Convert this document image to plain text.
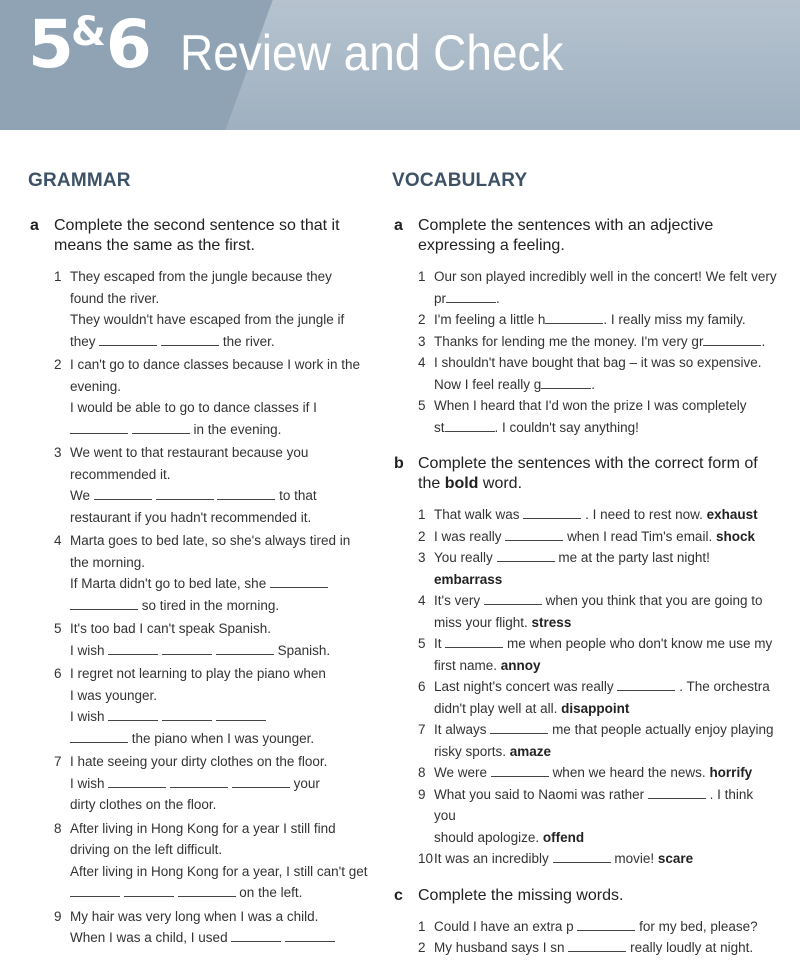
5&6 Review and Check
GRAMMAR
a Complete the second sentence so that it means the same as the first.
1 They escaped from the jungle because they
found the river.
They wouldn't have escaped from the jungle if
they	the river.
2 I can't go to dance classes because I work in the
evening.
I would be able to go to dance classes if I
in the evening.
3 We went to that restaurant because you
recommended it.
We	to that
restaurant if you hadn't recommended it.
4 Marta goes to bed late, so she's always tired in
the morning.
If Marta didn't go to bed late, she
so tired in the morning.
5 It's too bad I can't speak Spanish.
I wish	Spanish.
6 I regret not learning to play the piano when
I was younger.
I wish
the piano when I was younger.
7 I hate seeing your dirty clothes on the floor.
I wish	your
dirty clothes on the floor.
8 After living in Hong Kong for a year I still find
driving on the left difficult.
After living in Hong Kong for a year, I still can't get
on the left.
9 My hair was very long when I was a child.
When I was a child, I used
VOCABULARY
a Complete the sentences with an adjective expressing a feeling.
1 Our son played incredibly well in the concert! We felt very
pr	.
2 I'm feeling a little h	. I really miss my family.
3 Thanks for lending me the money. I'm very gr	.
4 I shouldn't have bought that bag – it was so expensive.
Now I feel really g	.
5 When I heard that I'd won the prize I was completely
st	. I couldn't say anything!
b Complete the sentences with the correct form of the bold word.
1 That walk was	. I need to rest now. exhaust
2 I was really	when I read Tim's email. shock
3 You really	me at the party last night!
embarrass
4 It's very	when you think that you are going to
miss your flight. stress
5 It	me when people who don't know me use my
first name. annoy
6 Last night's concert was really	. The orchestra
didn't play well at all. disappoint
7 It always	me that people actually enjoy playing
risky sports. amaze
8 We were	when we heard the news. horrify
9 What you said to Naomi was rather	. I think you
should apologize. offend
10 It was an incredibly	movie! scare
c Complete the missing words.
1 Could I have an extra p	for my bed, please?
2 My husband says I sn	really loudly at night.
